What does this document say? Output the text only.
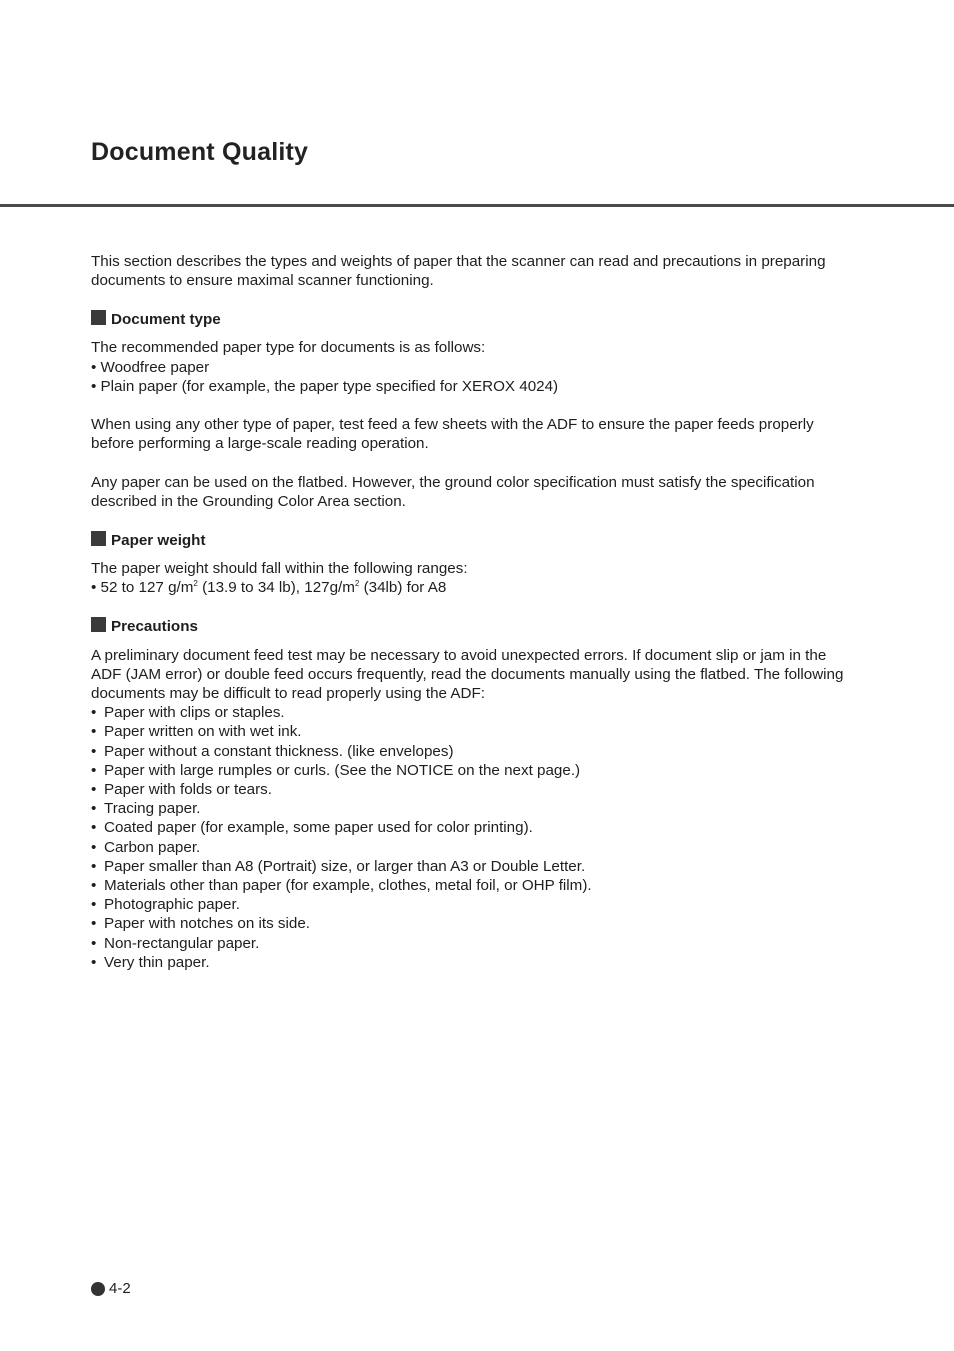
Document Quality

This section describes the types and weights of paper that the scanner can read and precautions in preparing documents to ensure maximal scanner functioning.

Document type

The recommended paper type for documents is as follows:

• Woodfree paper

• Plain paper (for example, the paper type specified for XEROX 4024)

When using any other type of paper, test feed a few sheets with the ADF to ensure the paper feeds properly before performing a large-scale reading operation.

Any paper can be used on the flatbed. However, the ground color specification must satisfy the specification described in the Grounding Color Area section.

Paper weight

The paper weight should fall within the following ranges:

• 52 to 127 $g/m^2$ (13.9 to 34 lb), $127g/m^2$ (34lb) for A8

Precautions

A preliminary document feed test may be necessary to avoid unexpected errors. If document slip or jam in the ADF (JAM error) or double feed occurs frequently, read the documents manually using the flatbed. The following documents may be difficult to read properly using the ADF:

• Paper with clips or staples.
• Paper written on with wet ink.
• Paper without a constant thickness. (like envelopes)
• Paper with large rumples or curls. (See the NOTICE on the next page.)
• Paper with folds or tears.
• Tracing paper.
• Coated paper (for example, some paper used for color printing).
• Carbon paper.
• Paper smaller than A8 (Portrait) size, or larger than A3 or Double Letter.
• Materials other than paper (for example, clothes, metal foil, or OHP film).
• Photographic paper.
• Paper with notches on its side.
• Non-rectangular paper.
• Very thin paper.
4-2
